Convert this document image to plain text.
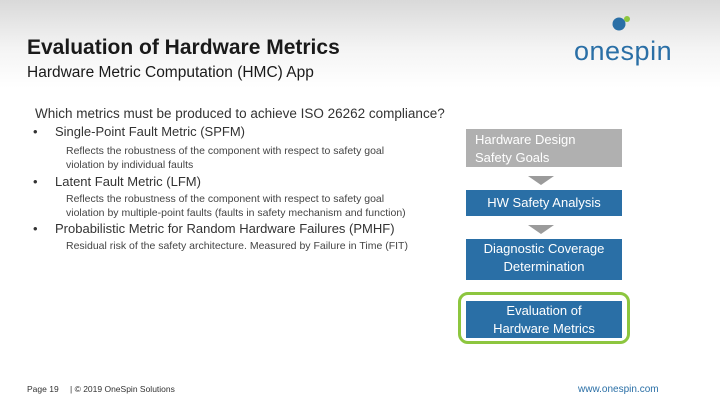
Evaluation of Hardware Metrics
Hardware Metric Computation (HMC) App
onespin
Which metrics must be produced to achieve ISO 26262 compliance?
• Single-Point Fault Metric (SPFM)
Reflects the robustness of the component with respect to safety goal
violation by individual faults
• Latent Fault Metric (LFM)
Reflects the robustness of the component with respect to safety goal
violation by multiple-point faults (faults in safety mechanism and function)
• Probabilistic Metric for Random Hardware Failures (PMHF)
Residual risk of the safety architecture. Measured by Failure in Time (FIT)
Hardware Design
Safety Goals
HW Safety Analysis
Diagnostic Coverage
Determination
Evaluation of
Hardware Metrics
Page 19 | © 2019 OneSpin Solutions	www.onespin.com
